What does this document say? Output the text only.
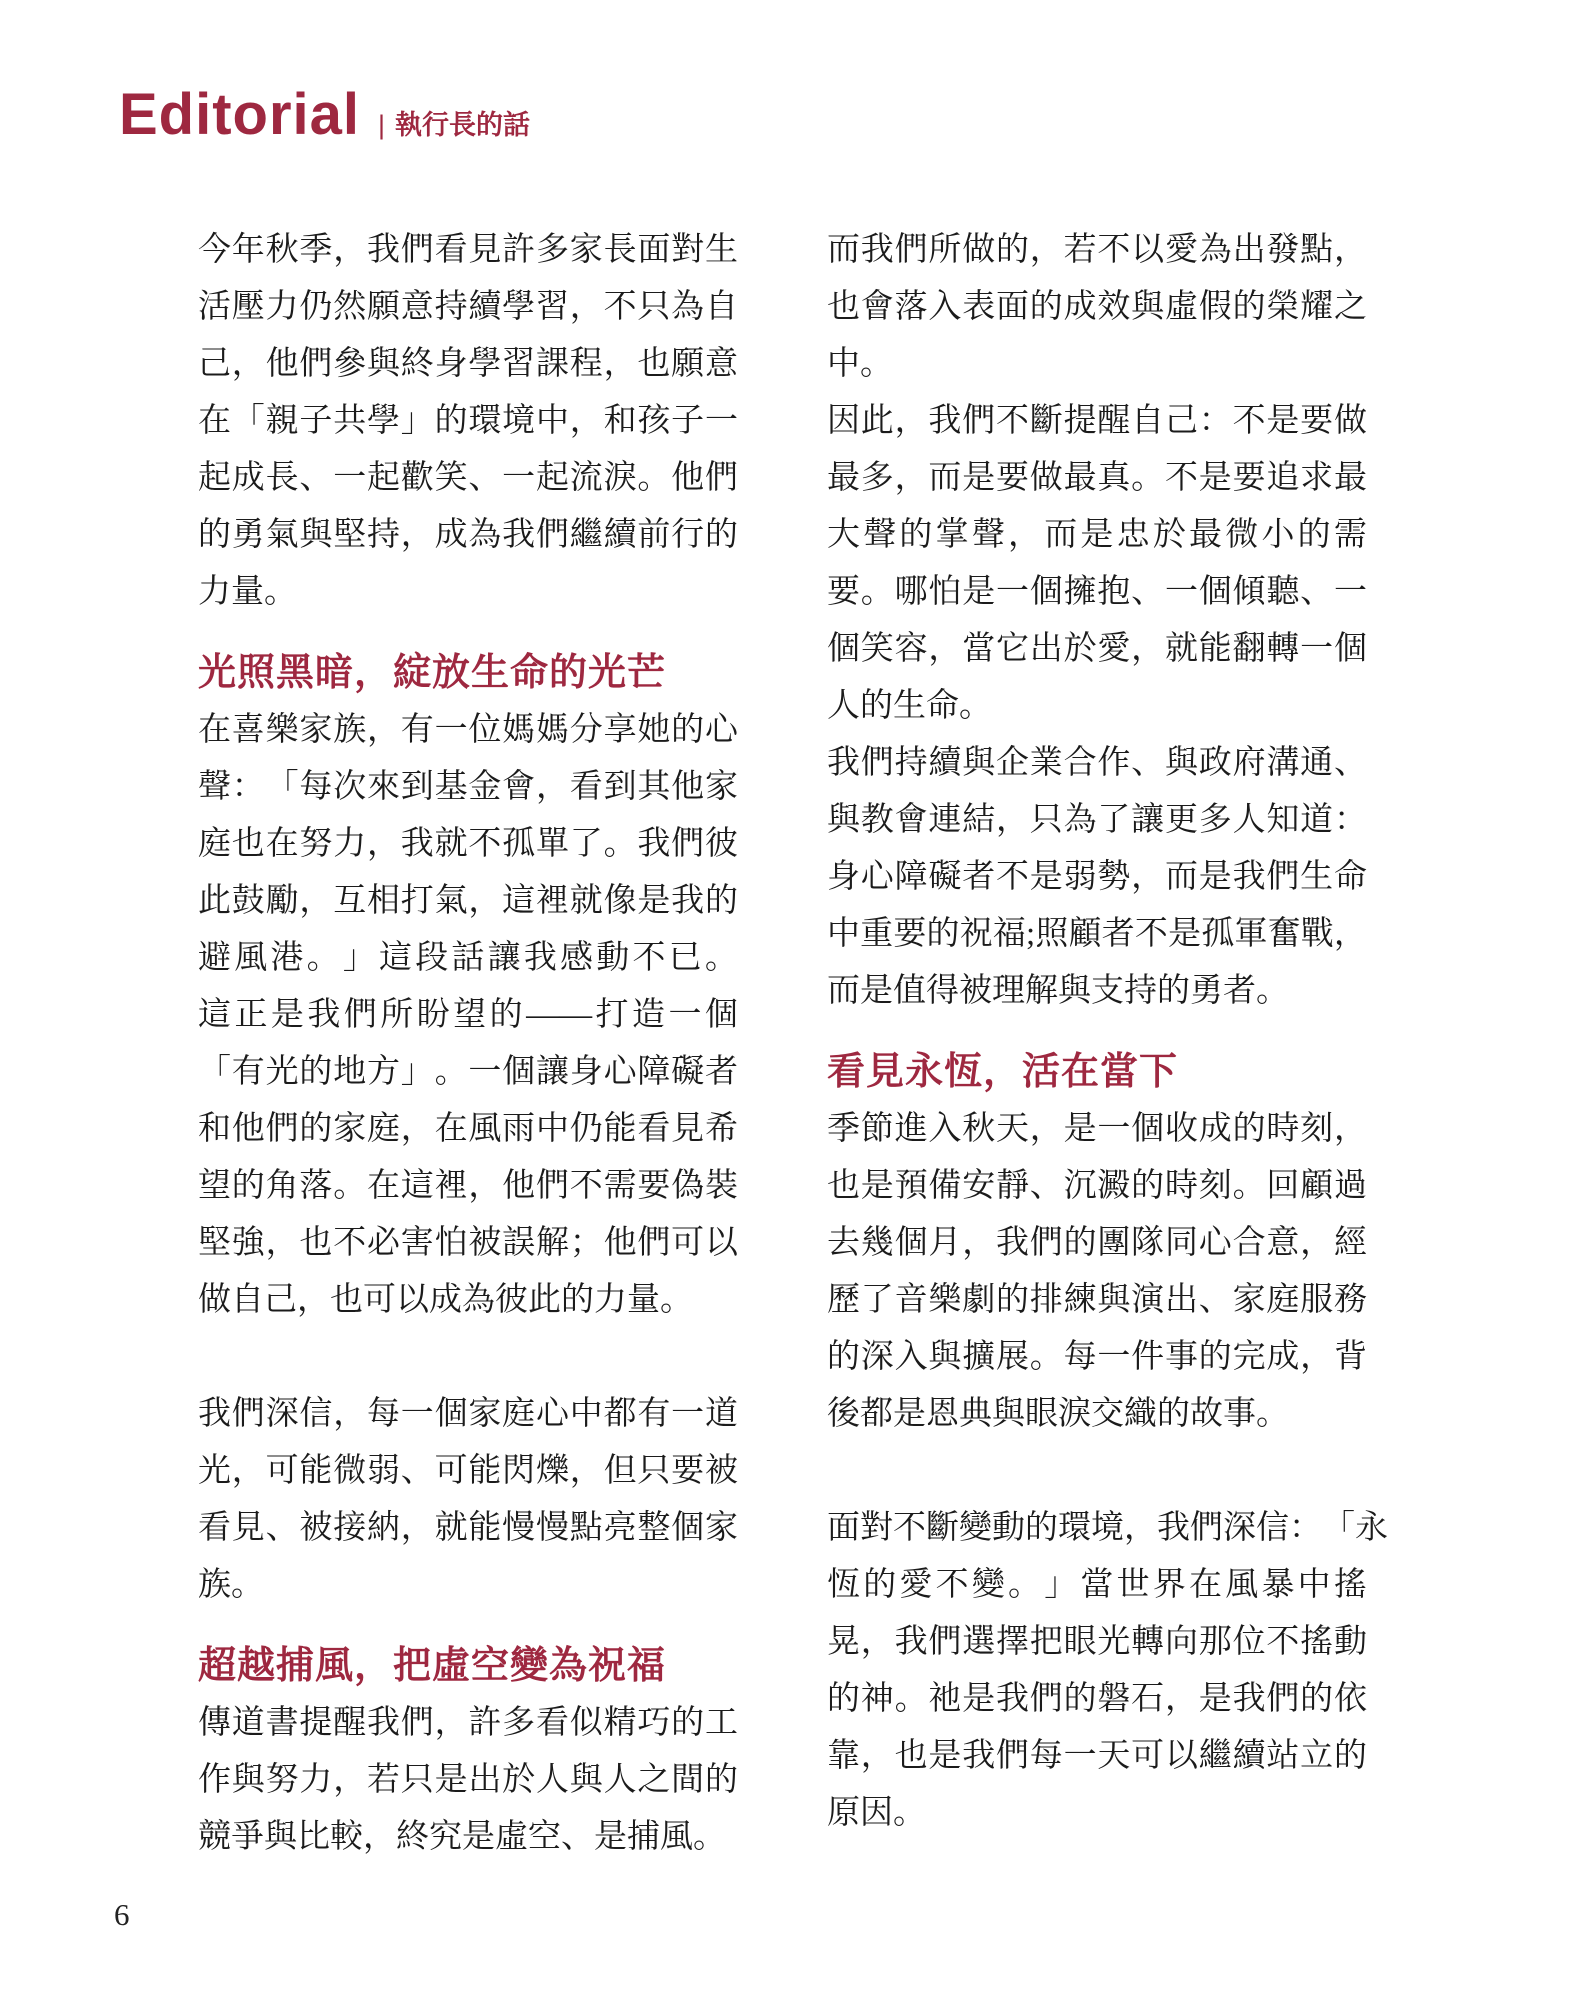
Editorial | 執行長的話
今 年 秋 季 ， 我 們 看 見 許 多 家 長 面 對 生
活 壓 力 仍 然 願 意 持 續 學 習 ， 不 只 為 自
己 ， 他 們 參 與 終 身 學 習 課 程 ， 也 願 意
在 「 親 子 共 學 」 的 環 境 中 ， 和 孩 子 一
起 成 長 、 一 起 歡 笑 、 一 起 流 淚 。 他 們
的 勇 氣 與 堅 持 ， 成 為 我 們 繼 續 前 行 的
力量。
光照黑暗，綻放生命的光芒
在 喜 樂 家 族 ， 有 一 位 媽 媽 分 享 她 的 心
聲 ： 「 每 次 來 到 基 金 會 ， 看 到 其 他 家
庭 也 在 努 力 ， 我 就 不 孤 單 了 。 我 們 彼
此 鼓 勵 ， 互 相 打 氣 ， 這 裡 就 像 是 我 的
避 風 港 。 」 這 段 話 讓 我 感 動 不 已 。
這 正 是 我 們 所 盼 望 的 —— 打 造 一 個
「 有 光 的 地 方 」 。 一 個 讓 身 心 障 礙 者
和 他 們 的 家 庭 ， 在 風 雨 中 仍 能 看 見 希
望 的 角 落 。 在 這 裡 ， 他 們 不 需 要 偽 裝
堅 強 ， 也 不 必 害 怕 被 誤 解 ； 他 們 可 以
做自己，也可以成為彼此的力量。
我 們 深 信 ， 每 一 個 家 庭 心 中 都 有 一 道
光 ， 可 能 微 弱 、 可 能 閃 爍 ， 但 只 要 被
看 見 、 被 接 納 ， 就 能 慢 慢 點 亮 整 個 家
族。
超越捕風，把虛空變為祝福
傳 道 書 提 醒 我 們 ， 許 多 看 似 精 巧 的 工
作 與 努 力 ， 若 只 是 出 於 人 與 人 之 間 的
競爭與比較，終究是虛空、是捕風。
而 我 們 所 做 的 ， 若 不 以 愛 為 出 發 點 ，
也 會 落 入 表 面 的 成 效 與 虛 假 的 榮 耀 之
中。
因 此 ， 我 們 不 斷 提 醒 自 己 ： 不 是 要 做
最 多 ， 而 是 要 做 最 真 。 不 是 要 追 求 最
大 聲 的 掌 聲 ， 而 是 忠 於 最 微 小 的 需
要 。 哪 怕 是 一 個 擁 抱 、 一 個 傾 聽 、 一
個 笑 容 ， 當 它 出 於 愛 ， 就 能 翻 轉 一 個
人的生命。
我 們 持 續 與 企 業 合 作 、 與 政 府 溝 通 、
與 教 會 連 結 ， 只 為 了 讓 更 多 人 知 道 ：
身 心 障 礙 者 不 是 弱 勢 ， 而 是 我 們 生 命
中 重 要 的 祝 福 ; 照 顧 者 不 是 孤 軍 奮 戰 ，
而是值得被理解與支持的勇者。
看見永恆，活在當下
季 節 進 入 秋 天 ， 是 一 個 收 成 的 時 刻 ，
也 是 預 備 安 靜 、 沉 澱 的 時 刻 。 回 顧 過
去 幾 個 月 ， 我 們 的 團 隊 同 心 合 意 ， 經
歷 了 音 樂 劇 的 排 練 與 演 出 、 家 庭 服 務
的 深 入 與 擴 展 。 每 一 件 事 的 完 成 ， 背
後都是恩典與眼淚交織的故事。
面 對 不 斷 變 動 的 環 境 ， 我 們 深 信 ： 「 永
恆 的 愛 不 變 。 」 當 世 界 在 風 暴 中 搖
晃 ， 我 們 選 擇 把 眼 光 轉 向 那 位 不 搖 動
的 神 。 祂 是 我 們 的 磐 石 ， 是 我 們 的 依
靠 ， 也 是 我 們 每 一 天 可 以 繼 續 站 立 的
原因。
6
